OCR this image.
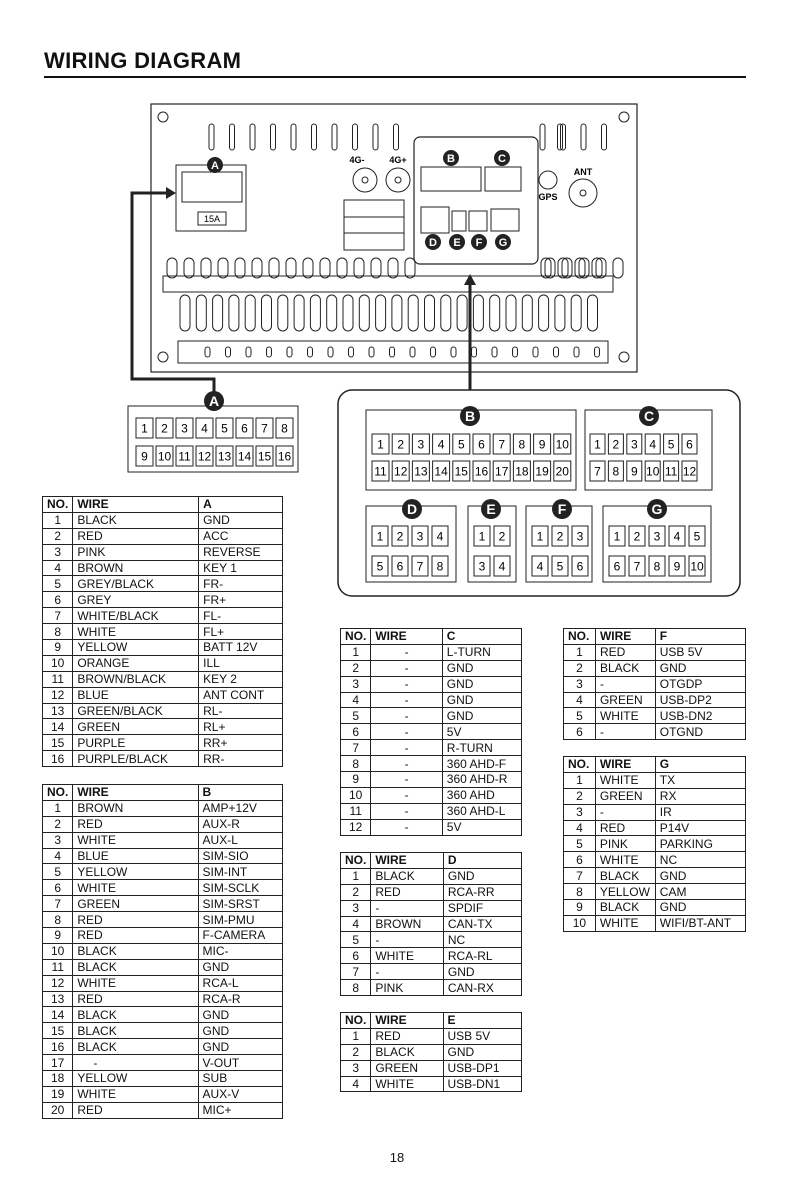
WIRING DIAGRAM
15A
A	4G-	4G+
GPS
ANT
B	C
D E F G
1 2 3 4 5 6 7 8
9 10 11 12 13 14 15 16
A
1 2 3 4 5 6 7 8 9 10
11 12 13 14 15 16 17 18 19 20
1 2 3 4 5 6
7 8 9 10 11 12
1 2 3 4
5 6 7 8
1 2
3 4
1 2 3
4 5 6
1 2 3 4 5
6 7 8 9 10
B	C
D	E	F	G
NO.	WIRE	A
1	BLACK	GND
2	RED	ACC
3	PINK	REVERSE
4	BROWN	KEY 1
5	GREY/BLACK	FR-
6	GREY	FR+
7	WHITE/BLACK	FL-
8	WHITE	FL+
9	YELLOW	BATT 12V
10	ORANGE	ILL
11	BROWN/BLACK	KEY 2
12	BLUE	ANT CONT
13	GREEN/BLACK	RL-
14	GREEN	RL+
15	PURPLE	RR+
16	PURPLE/BLACK	RR-
NO.	WIRE	B
1	BROWN	AMP+12V
2	RED	AUX-R
3	WHITE	AUX-L
4	BLUE	SIM-SIO
5	YELLOW	SIM-INT
6	WHITE	SIM-SCLK
7	GREEN	SIM-SRST
8	RED	SIM-PMU
9	RED	F-CAMERA
10	BLACK	MIC-
11	BLACK	GND
12	WHITE	RCA-L
13	RED	RCA-R
14	BLACK	GND
15	BLACK	GND
16	BLACK	GND
17	-	V-OUT
18	YELLOW	SUB
19	WHITE	AUX-V
20	RED	MIC+
NO.	WIRE	C
1	-	L-TURN
2	-	GND
3	-	GND
4	-	GND
5	-	GND
6	-	5V
7	-	R-TURN
8	-	360 AHD-F
9	-	360 AHD-R
10	-	360 AHD
11	-	360 AHD-L
12	-	5V
NO.	WIRE	D
1	BLACK	GND
2	RED	RCA-RR
3	-	SPDIF
4	BROWN	CAN-TX
5	-	NC
6	WHITE	RCA-RL
7	-	GND
8	PINK	CAN-RX
NO.	WIRE	E
1	RED	USB 5V
2	BLACK	GND
3	GREEN	USB-DP1
4	WHITE	USB-DN1
NO.	WIRE	F
1	RED	USB 5V
2	BLACK	GND
3	-	OTGDP
4	GREEN	USB-DP2
5	WHITE	USB-DN2
6	-	OTGND
NO.	WIRE	G
1	WHITE	TX
2	GREEN	RX
3	-	IR
4	RED	P14V
5	PINK	PARKING
6	WHITE	NC
7	BLACK	GND
8	YELLOW	CAM
9	BLACK	GND
10	WHITE	WIFI/BT-ANT
18
